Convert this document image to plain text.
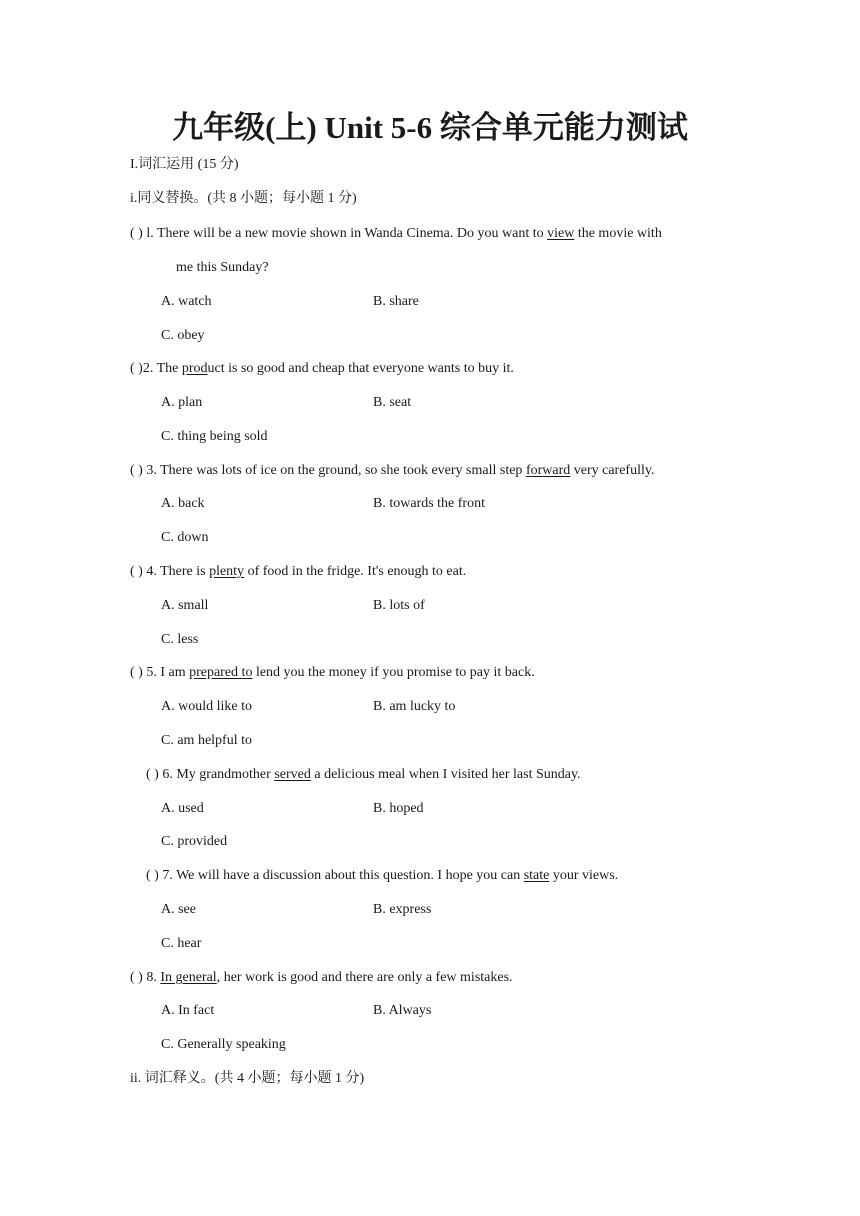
九年级(上) Unit 5-6 综合单元能力测试
I.词汇运用 (15 分)
i.同义替换。(共 8 小题；每小题 1 分)
( ) l. There will be a new movie shown in Wanda Cinema. Do you want to view the movie with
me this Sunday?
A. watch	B. share
C. obey
( )2. The product is so good and cheap that everyone wants to buy it.
A. plan	B. seat
C. thing being sold
( ) 3. There was lots of ice on the ground, so she took every small step forward very carefully.
A. back	B. towards the front
C. down
( ) 4. There is plenty of food in the fridge. It's enough to eat.
A. small	B. lots of
C. less
( ) 5. I am prepared to lend you the money if you promise to pay it back.
A. would like to	B. am lucky to
C. am helpful to
( ) 6. My grandmother served a delicious meal when I visited her last Sunday.
A. used	B. hoped
C. provided
( ) 7. We will have a discussion about this question. I hope you can state your views.
A. see	B. express
C. hear
( ) 8. In general, her work is good and there are only a few mistakes.
A. In fact	B. Always
C. Generally speaking
ii. 词汇释义。(共 4 小题；每小题 1 分)
